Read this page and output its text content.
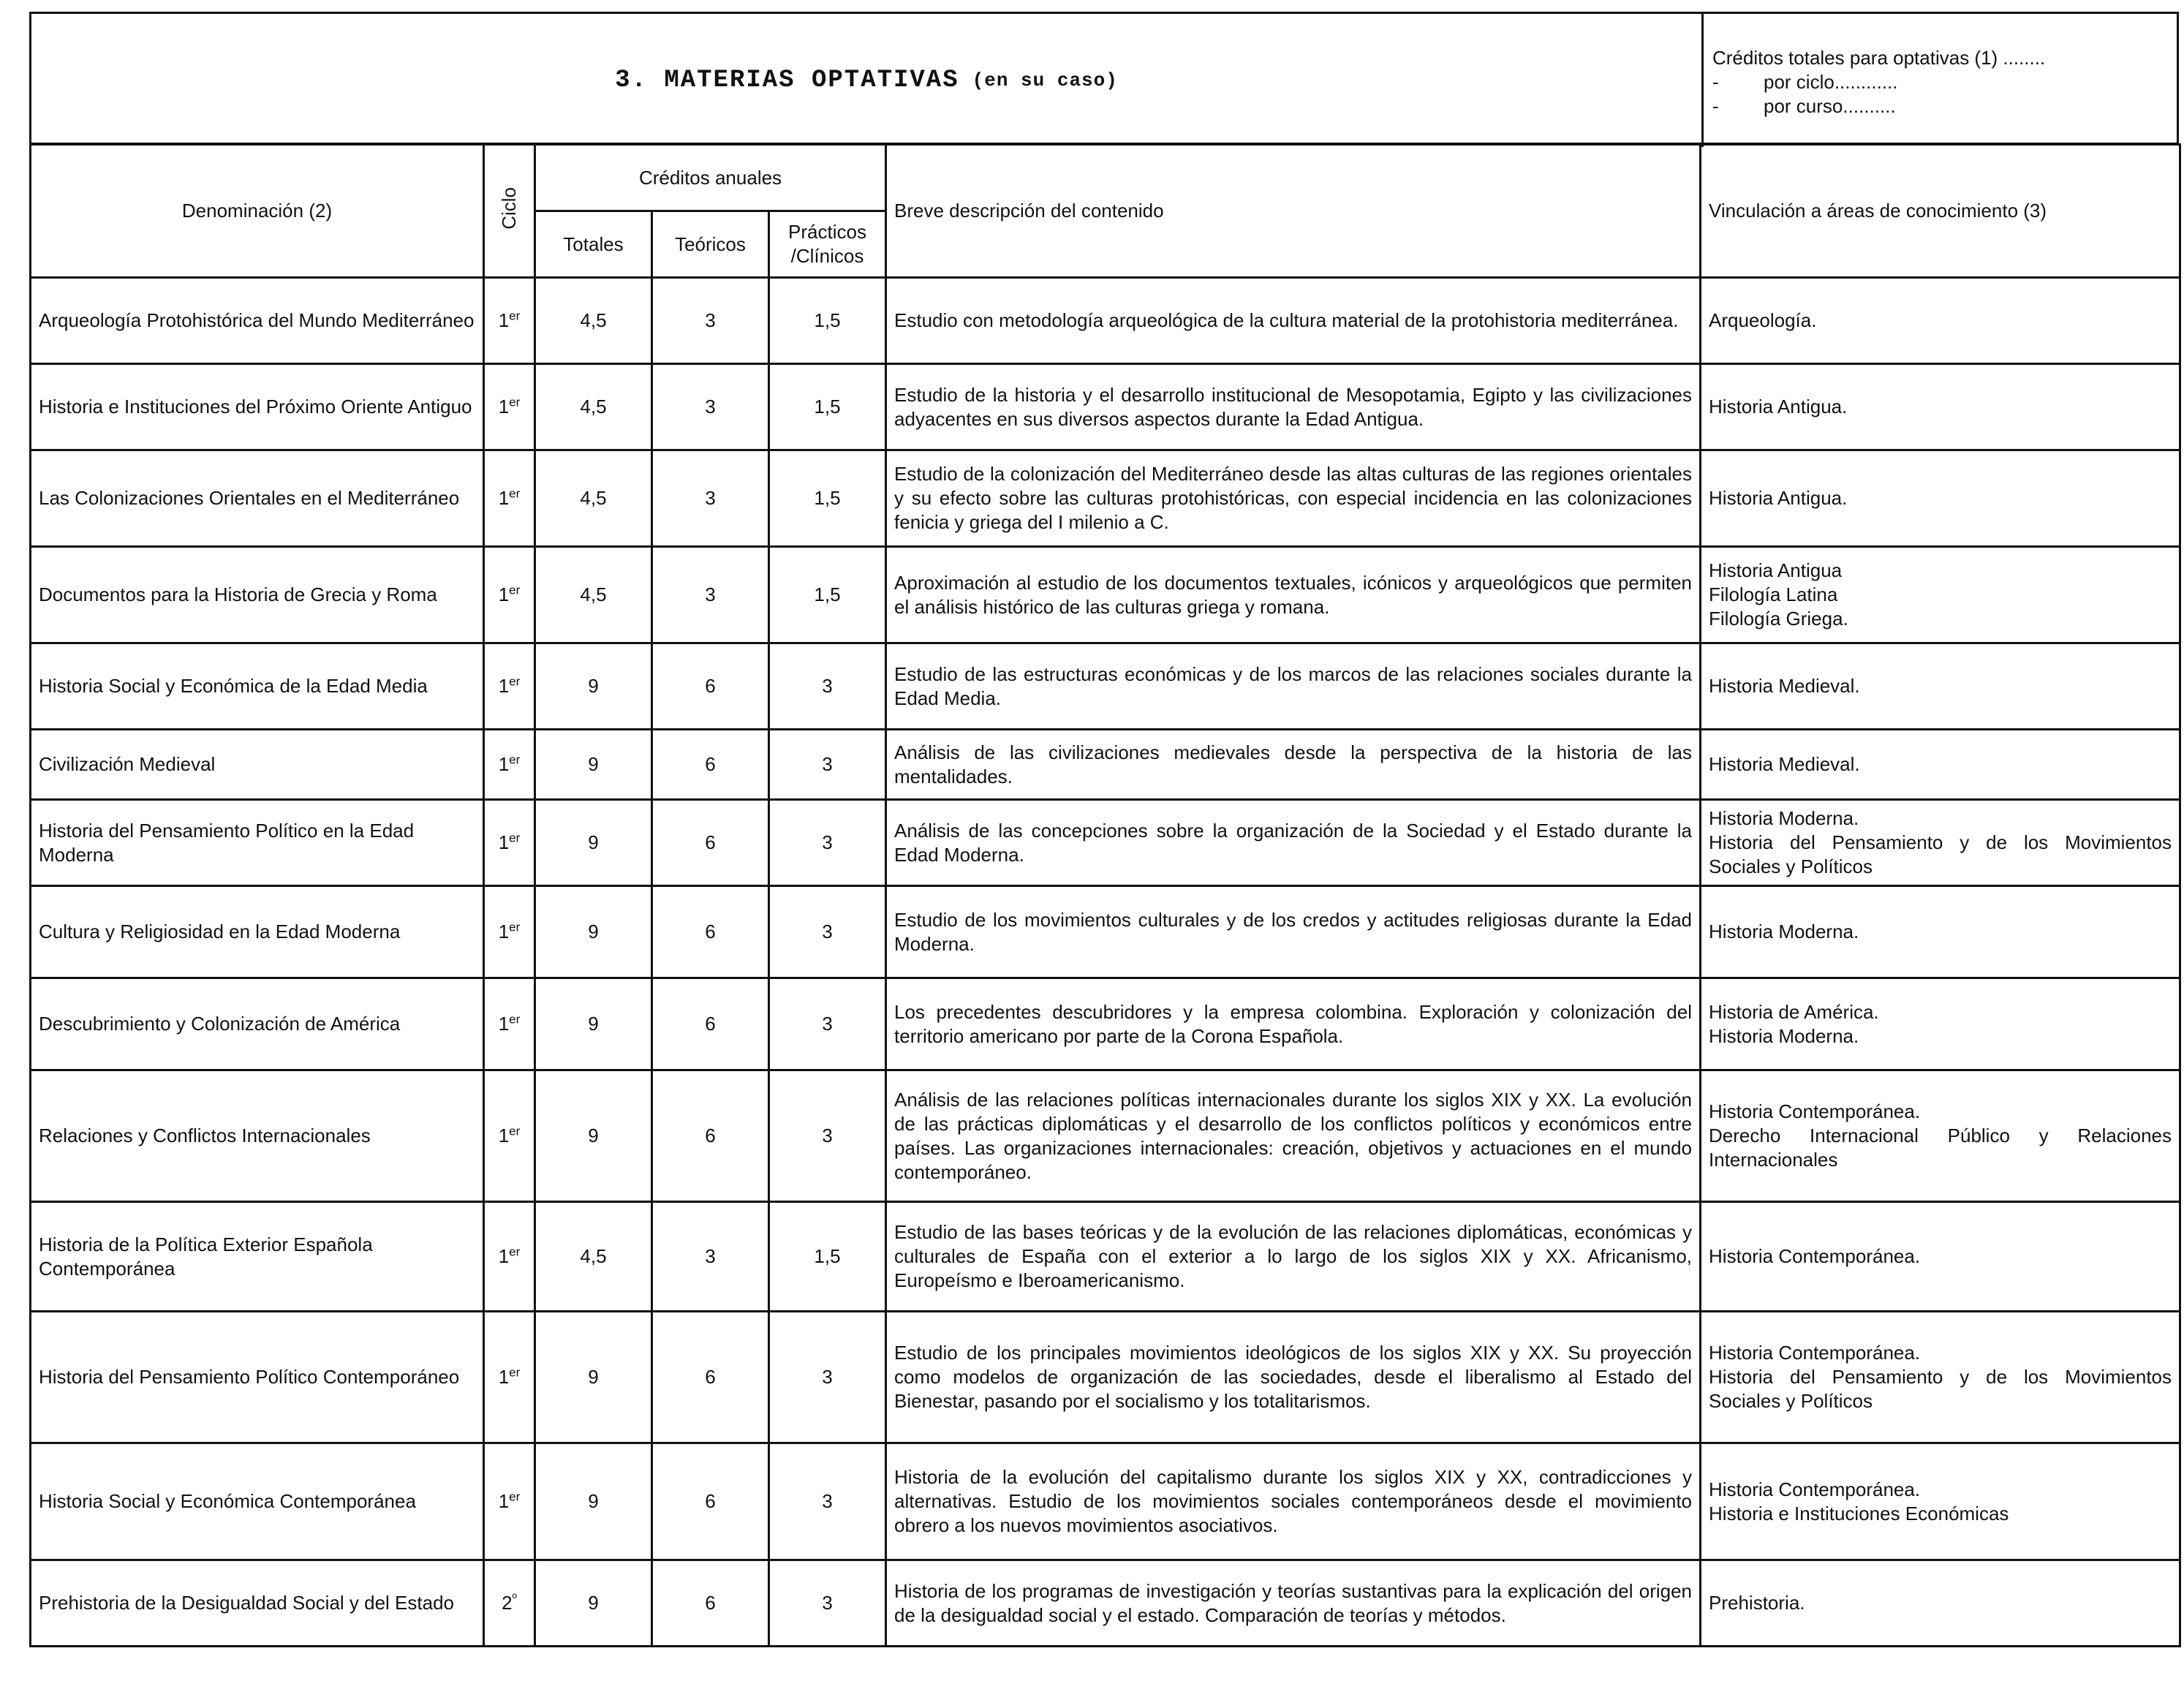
3. MATERIAS OPTATIVAS (en su caso)
Créditos totales para optativas (1) ........
- por ciclo............
- por curso..........
Denominación (2)	Ciclo	Créditos anuales			Breve descripción del contenido	Vinculación a áreas de conocimiento (3)
		Totales	Teóricos	Prácticos /Clínicos		
Arqueología Protohistórica del Mundo Mediterráneo	1er	4,5	3	1,5	Estudio con metodología arqueológica de la cultura material de la protohistoria mediterránea.	Arqueología.

Historia e Instituciones del Próximo Oriente Antiguo	1er	4,5	3	1,5	Estudio de la historia y el desarrollo institucional de Mesopotamia, Egipto y las civilizaciones adyacentes en sus diversos aspectos durante la Edad Antigua.	Historia Antigua.

Las Colonizaciones Orientales en el Mediterráneo	1er	4,5	3	1,5	Estudio de la colonización del Mediterráneo desde las altas culturas de las regiones orientales y su efecto sobre las culturas protohistóricas, con especial incidencia en las colonizaciones fenicia y griega del I milenio a C.	Historia Antigua.

Documentos para la Historia de Grecia y Roma	1er	4,5	3	1,5	Aproximación al estudio de los documentos textuales, icónicos y arqueológicos que permiten el análisis histórico de las culturas griega y romana.	Historia Antigua
Filología Latina
Filología Griega.

Historia Social y Económica de la Edad Media	1er	9	6	3	Estudio de las estructuras económicas y de los marcos de las relaciones sociales durante la Edad Media.	Historia Medieval.

Civilización Medieval	1er	9	6	3	Análisis de las civilizaciones medievales desde la perspectiva de la historia de las mentalidades.	Historia Medieval.

Historia del Pensamiento Político en la Edad Moderna	1er	9	6	3	Análisis de las concepciones sobre la organización de la Sociedad y el Estado durante la Edad Moderna.	Historia Moderna.
Historia del Pensamiento y de los Movimientos Sociales y Políticos

Cultura y Religiosidad en la Edad Moderna	1er	9	6	3	Estudio de los movimientos culturales y de los credos y actitudes religiosas durante la Edad Moderna.	Historia Moderna.

Descubrimiento y Colonización de América	1er	9	6	3	Los precedentes descubridores y la empresa colombina. Exploración y colonización del territorio americano por parte de la Corona Española.	Historia de América.
Historia Moderna.

Relaciones y Conflictos Internacionales	1er	9	6	3	Análisis de las relaciones políticas internacionales durante los siglos XIX y XX. La evolución de las prácticas diplomáticas y el desarrollo de los conflictos políticos y económicos entre países. Las organizaciones internacionales: creación, objetivos y actuaciones en el mundo contemporáneo.	Historia Contemporánea.
Derecho Internacional Público y Relaciones Internacionales

Historia de la Política Exterior Española Contemporánea	1er	4,5	3	1,5	Estudio de las bases teóricas y de la evolución de las relaciones diplomáticas, económicas y culturales de España con el exterior a lo largo de los siglos XIX y XX. Africanismo, Europeísmo e Iberoamericanismo.	Historia Contemporánea.

Historia del Pensamiento Político Contemporáneo	1er	9	6	3	Estudio de los principales movimientos ideológicos de los siglos XIX y XX. Su proyección como modelos de organización de las sociedades, desde el liberalismo al Estado del Bienestar, pasando por el socialismo y los totalitarismos.	Historia Contemporánea.
Historia del Pensamiento y de los Movimientos Sociales y Políticos

Historia Social y Económica Contemporánea	1er	9	6	3	Historia de la evolución del capitalismo durante los siglos XIX y XX, contradicciones y alternativas. Estudio de los movimientos sociales contemporáneos desde el movimiento obrero a los nuevos movimientos asociativos.	Historia Contemporánea.
Historia e Instituciones Económicas

Prehistoria de la Desigualdad Social y del Estado	$2^º$	9	6	3	Historia de los programas de investigación y teorías sustantivas para la explicación del origen de la desigualdad social y el estado. Comparación de teorías y métodos.	Prehistoria.
